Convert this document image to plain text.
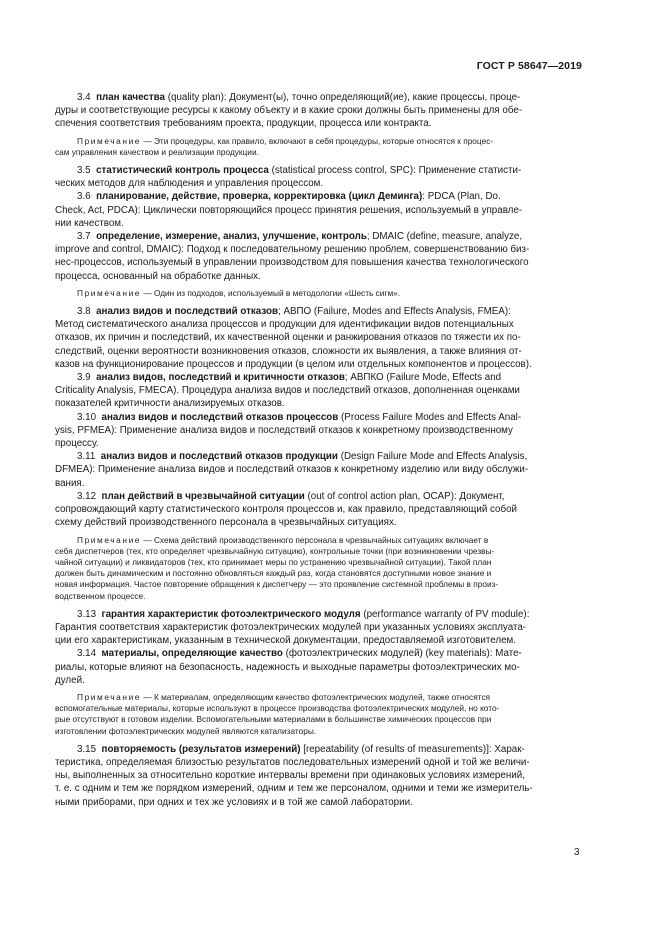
ГОСТ Р 58647—2019
3.4 план качества (quality plan): Документ(ы), точно определяющий(ие), какие процессы, проце-
дуры и соответствующие ресурсы к какому объекту и в какие сроки должны быть применены для обе-
спечения соответствия требованиям проекта, продукции, процесса или контракта.
Примечание — Эти процедуры, как правило, включают в себя процедуры, которые относятся к процес-
сам управления качеством и реализации продукции.
3.5 статистический контроль процесса (statistical process control, SPC): Применение статисти-
ческих методов для наблюдения и управления процессом.
3.6 планирование, действие, проверка, корректировка (цикл Деминга): PDCA (Plan, Do.
Check, Act, PDCA): Циклически повторяющийся процесс принятия решения, используемый в управле-
нии качеством.
3.7 определение, измерение, анализ, улучшение, контроль; DMAIC (define, measure, analyze,
improve and control, DMAIC): Подход к последовательному решению проблем, совершенствованию биз-
нес-процессов, используемый в управлении производством для повышения качества технологического
процесса, основанный на обработке данных.
Примечание — Один из подходов, используемый в методологии «Шесть сигм».
3.8 анализ видов и последствий отказов; АВПО (Failure, Modes and Effects Analysis, FMEA):
Метод систематического анализа процессов и продукции для идентификации видов потенциальных
отказов, их причин и последствий, их качественной оценки и ранжирования отказов по тяжести их по-
следствий, оценки вероятности возникновения отказов, сложности их выявления, а также влияния от-
казов на функционирование процессов и продукции (в целом или отдельных компонентов и процессов).
3.9 анализ видов, последствий и критичности отказов; АВПКО (Failure Mode, Effects and
Criticality Analysis, FMECA). Процедура анализа видов и последствий отказов, дополненная оценками
показателей критичности анализируемых отказов.
3.10 анализ видов и последствий отказов процессов (Process Failure Modes and Effects Anal-
ysis, PFMEA): Применение анализа видов и последствий отказов к конкретному производственному
процессу.
3.11 анализ видов и последствий отказов продукции (Design Failure Mode and Effects Analysis,
DFMEA): Применение анализа видов и последствий отказов к конкретному изделию или виду обслужи-
вания.
3.12 план действий в чрезвычайной ситуации (out of control action plan, OCAP): Документ,
сопровождающий карту статистического контроля процессов и, как правило, представляющий собой
схему действий производственного персонала в чрезвычайных ситуациях.
Примечание — Схема действий производственного персонала в чрезвычайных ситуациях включает в
себя диспетчеров (тех, кто определяет чрезвычайную ситуацию), контрольные точки (при возникновении чрезвы-
чайной ситуации) и ликвидаторов (тех, кто принимает меры по устранению чрезвычайной ситуации). Такой план
должен быть динамическим и постоянно обновляться каждый раз, когда становятся доступными новое знание и
новая информация. Частое повторение обращения к диспетчеру — это проявление системной проблемы в произ-
водственном процессе.
3.13 гарантия характеристик фотоэлектрического модуля (performance warranty of PV module):
Гарантия соответствия характеристик фотоэлектрических модулей при указанных условиях эксплуата-
ции его характеристикам, указанным в технической документации, предоставляемой изготовителем.
3.14 материалы, определяющие качество (фотоэлектрических модулей) (key materials): Мате-
риалы, которые влияют на безопасность, надежность и выходные параметры фотоэлектрических мо-
дулей.
Примечание — К материалам, определяющим качество фотоэлектрических модулей, также относятся
вспомогательные материалы, которые используют в процессе производства фотоэлектрических модулей, но кото-
рые отсутствуют в готовом изделии. Вспомогательными материалами в большинстве химических процессов при
изготовлении фотоэлектрических модулей являются катализаторы.
3.15 повторяемость (результатов измерений) [repeatability (of results of measurements)]: Харак-
теристика, определяемая близостью результатов последовательных измерений одной и той же величи-
ны, выполненных за относительно короткие интервалы времени при одинаковых условиях измерений,
т. е. с одним и тем же порядком измерений, одним и тем же персоналом, одними и теми же измеритель-
ными приборами, при одних и тех же условиях и в той же самой лаборатории.
3
